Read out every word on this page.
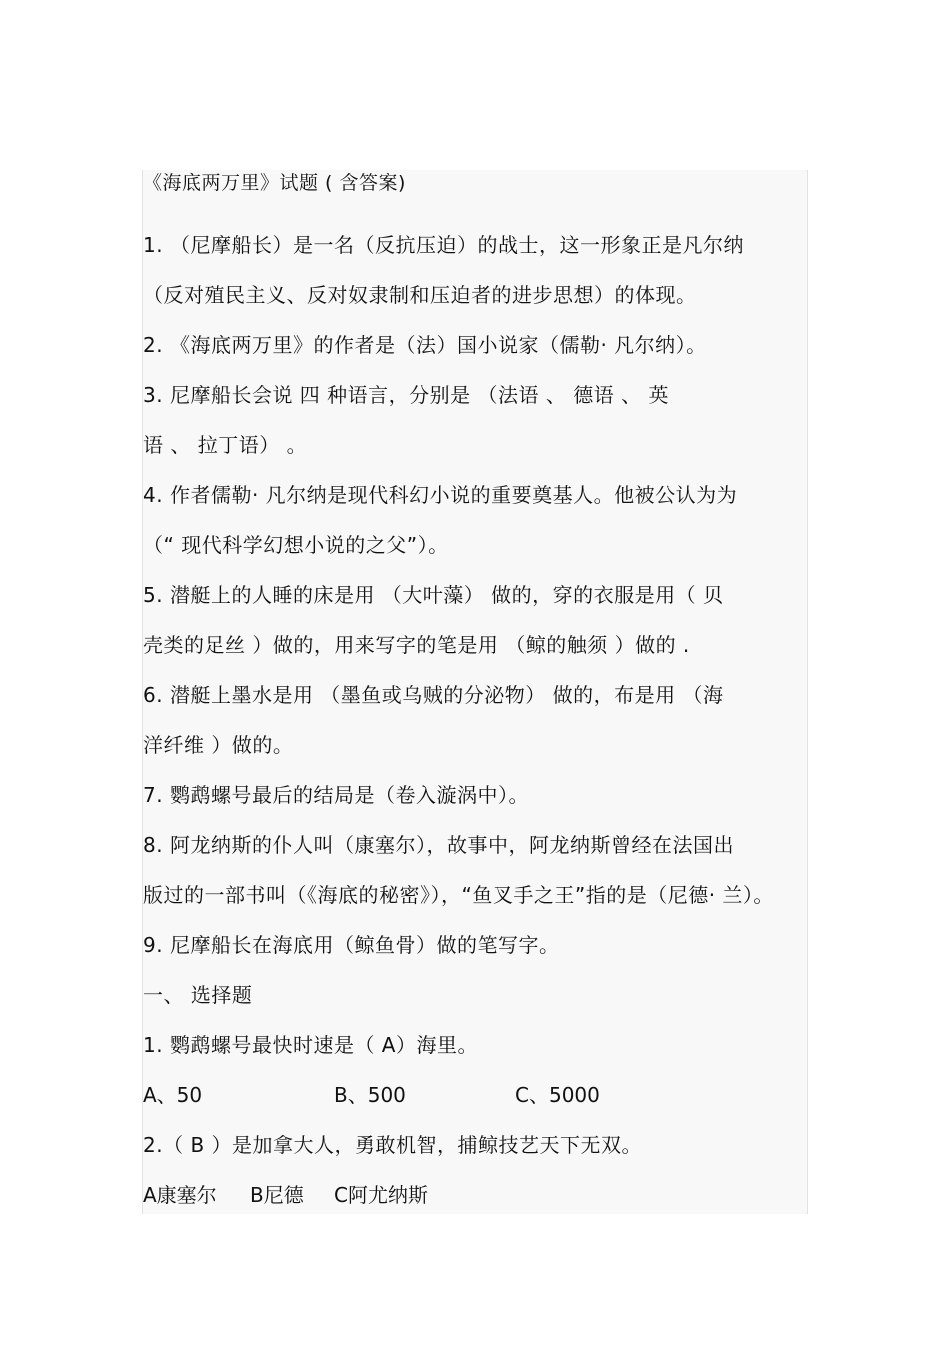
《海底两万里》试题 ( 含答案)
1. （尼摩船长）是一名（反抗压迫）的战士，这一形象正是凡尔纳
（反对殖民主义、反对奴隶制和压迫者的进步思想）的体现。
2. 《海底两万里》的作者是（法）国小说家（儒勒· 凡尔纳）。
3. 尼摩船长会说 四 种语言，分别是 （法语 、 德语 、 英
语 、 拉丁语） 。
4. 作者儒勒· 凡尔纳是现代科幻小说的重要奠基人。他被公认为为
（“ 现代科学幻想小说的之父”）。
5. 潜艇上的人睡的床是用 （大叶藻） 做的，穿的衣服是用（ 贝
壳类的足丝 ）做的，用来写字的笔是用 （鲸的触须 ）做的 .
6. 潜艇上墨水是用 （墨鱼或乌贼的分泌物） 做的，布是用 （海
洋纤维 ）做的。
7. 鹦鹉螺号最后的结局是（卷入漩涡中）。
8. 阿龙纳斯的仆人叫（康塞尔），故事中，阿龙纳斯曾经在法国出
版过的一部书叫（《海底的秘密》），“鱼叉手之王”指的是（尼德· 兰）。
9. 尼摩船长在海底用（鲸鱼骨）做的笔写字。
一、 选择题
1. 鹦鹉螺号最快时速是（ A）海里。
A、50	B、500	C、5000
2.（ B ）是加拿大人，勇敢机智，捕鲸技艺天下无双。
A康塞尔 B尼德 C阿尤纳斯
